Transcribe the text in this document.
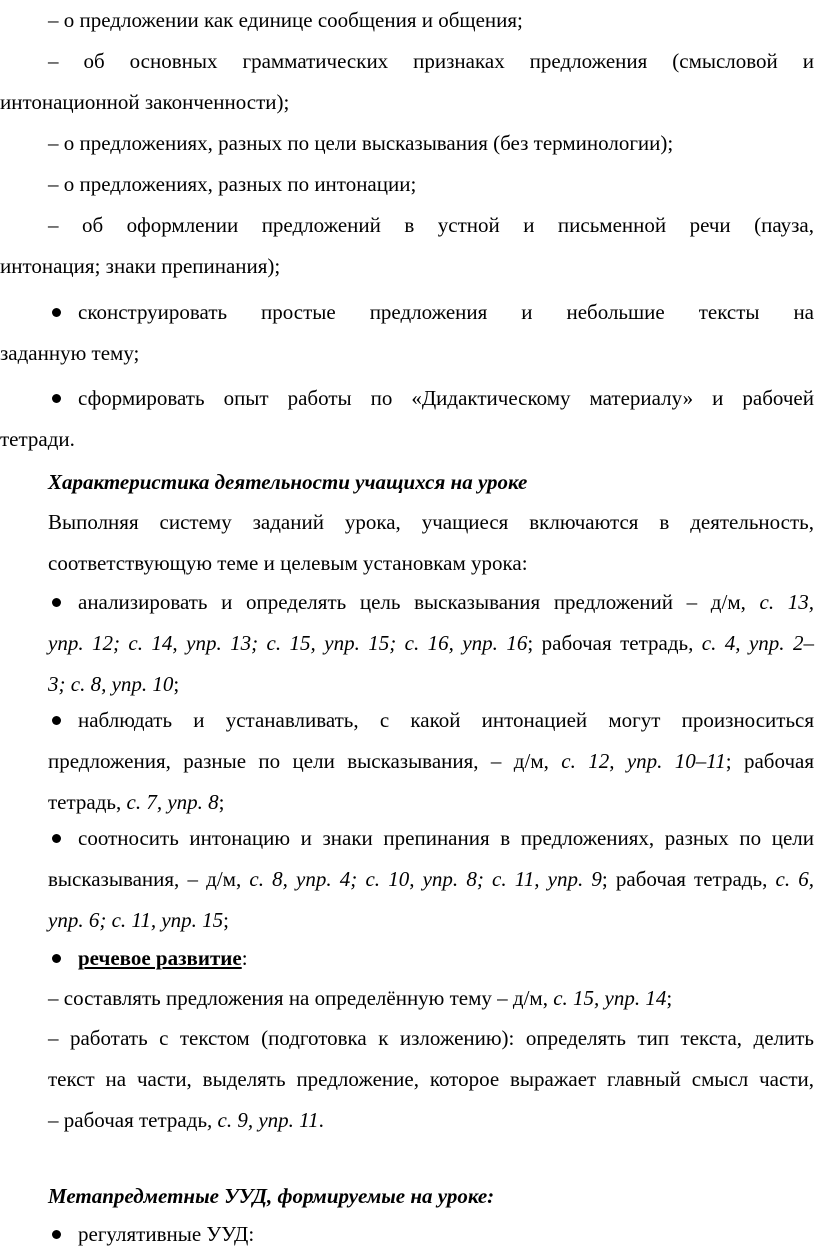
– о предложении как единице сообщения и общения;
– об основных грамматических признаках предложения (смысловой и
интонационной законченности);
– о предложениях, разных по цели высказывания (без терминологии);
– о предложениях, разных по интонации;
– об оформлении предложений в устной и письменной речи (пауза,
интонация; знаки препинания);
сконструировать простые предложения и небольшие тексты на
заданную тему;
сформировать опыт работы по «Дидактическому материалу» и рабочей
тетради.
Характеристика деятельности учащихся на уроке
Выполняя систему заданий урока, учащиеся включаются в деятельность,
соответствующую теме и целевым установкам урока:
анализировать и определять цель высказывания предложений – д/м, с. 13,
упр. 12; с. 14, упр. 13; с. 15, упр. 15; с. 16, упр. 16; рабочая тетрадь, с. 4, упр. 2–
3; с. 8, упр. 10;
наблюдать и устанавливать, с какой интонацией могут произноситься
предложения, разные по цели высказывания, – д/м, с. 12, упр. 10–11; рабочая
тетрадь, с. 7, упр. 8;
соотносить интонацию и знаки препинания в предложениях, разных по цели
высказывания, – д/м, с. 8, упр. 4; с. 10, упр. 8; с. 11, упр. 9; рабочая тетрадь, с. 6,
упр. 6; с. 11, упр. 15;
речевое развитие:
– составлять предложения на определённую тему – д/м, с. 15, упр. 14;
– работать с текстом (подготовка к изложению): определять тип текста, делить
текст на части, выделять предложение, которое выражает главный смысл части,
– рабочая тетрадь, с. 9, упр. 11.
Метапредметные УУД, формируемые на уроке:
регулятивные УУД:
